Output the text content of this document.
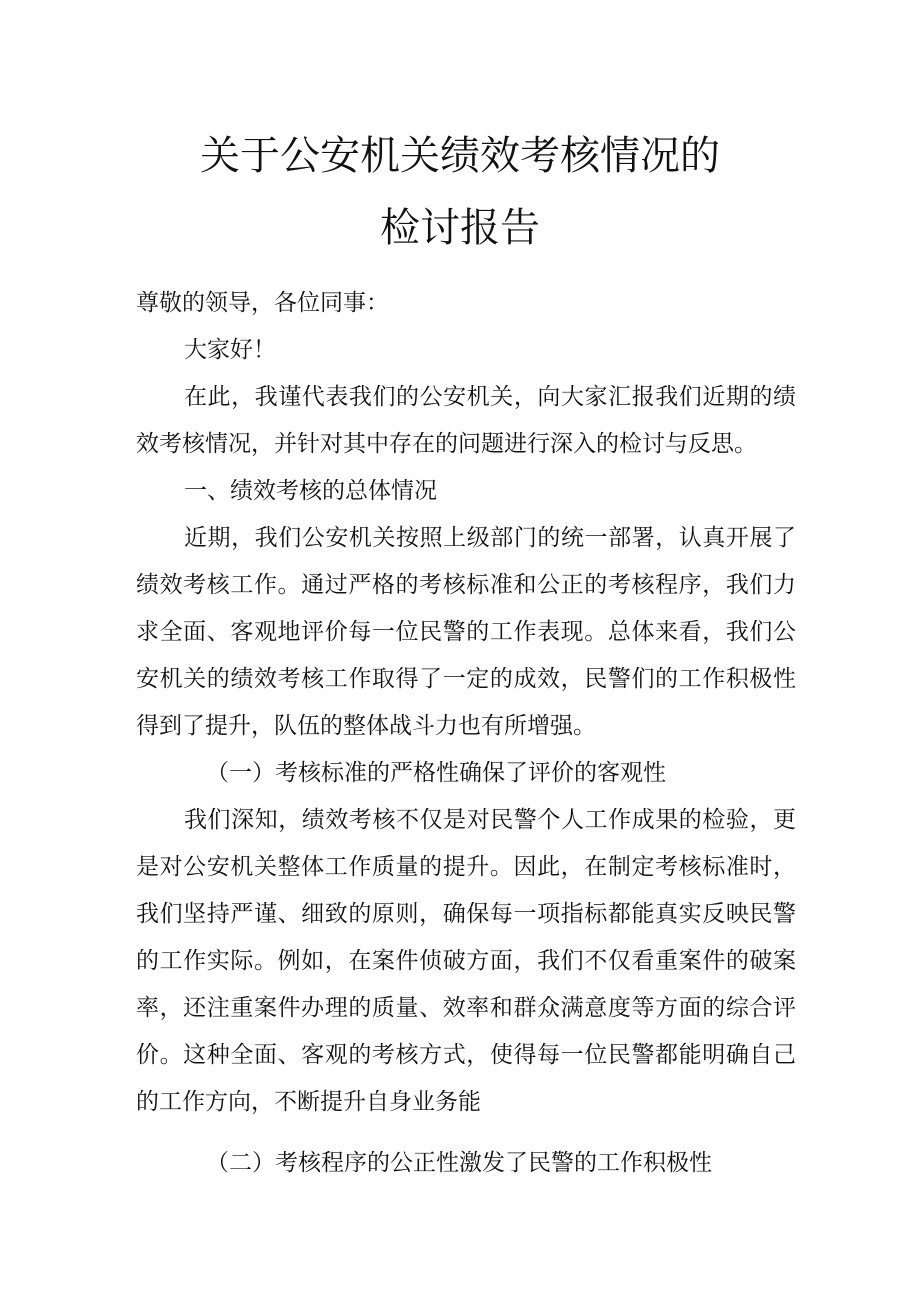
关于公安机关绩效考核情况的
检讨报告

尊敬的领导，各位同事：

大家好！

在此，我谨代表我们的公安机关，向大家汇报我们近期的绩效考核情况，并针对其中存在的问题进行深入的检讨与反思。

一、绩效考核的总体情况

近期，我们公安机关按照上级部门的统一部署，认真开展了绩效考核工作。通过严格的考核标准和公正的考核程序，我们力求全面、客观地评价每一位民警的工作表现。总体来看，我们公安机关的绩效考核工作取得了一定的成效，民警们的工作积极性得到了提升，队伍的整体战斗力也有所增强。

（一）考核标准的严格性确保了评价的客观性

我们深知，绩效考核不仅是对民警个人工作成果的检验，更是对公安机关整体工作质量的提升。因此，在制定考核标准时，我们坚持严谨、细致的原则，确保每一项指标都能真实反映民警的工作实际。例如，在案件侦破方面，我们不仅看重案件的破案率，还注重案件办理的质量、效率和群众满意度等方面的综合评价。这种全面、客观的考核方式，使得每一位民警都能明确自己的工作方向，不断提升自身业务能

（二）考核程序的公正性激发了民警的工作积极性
